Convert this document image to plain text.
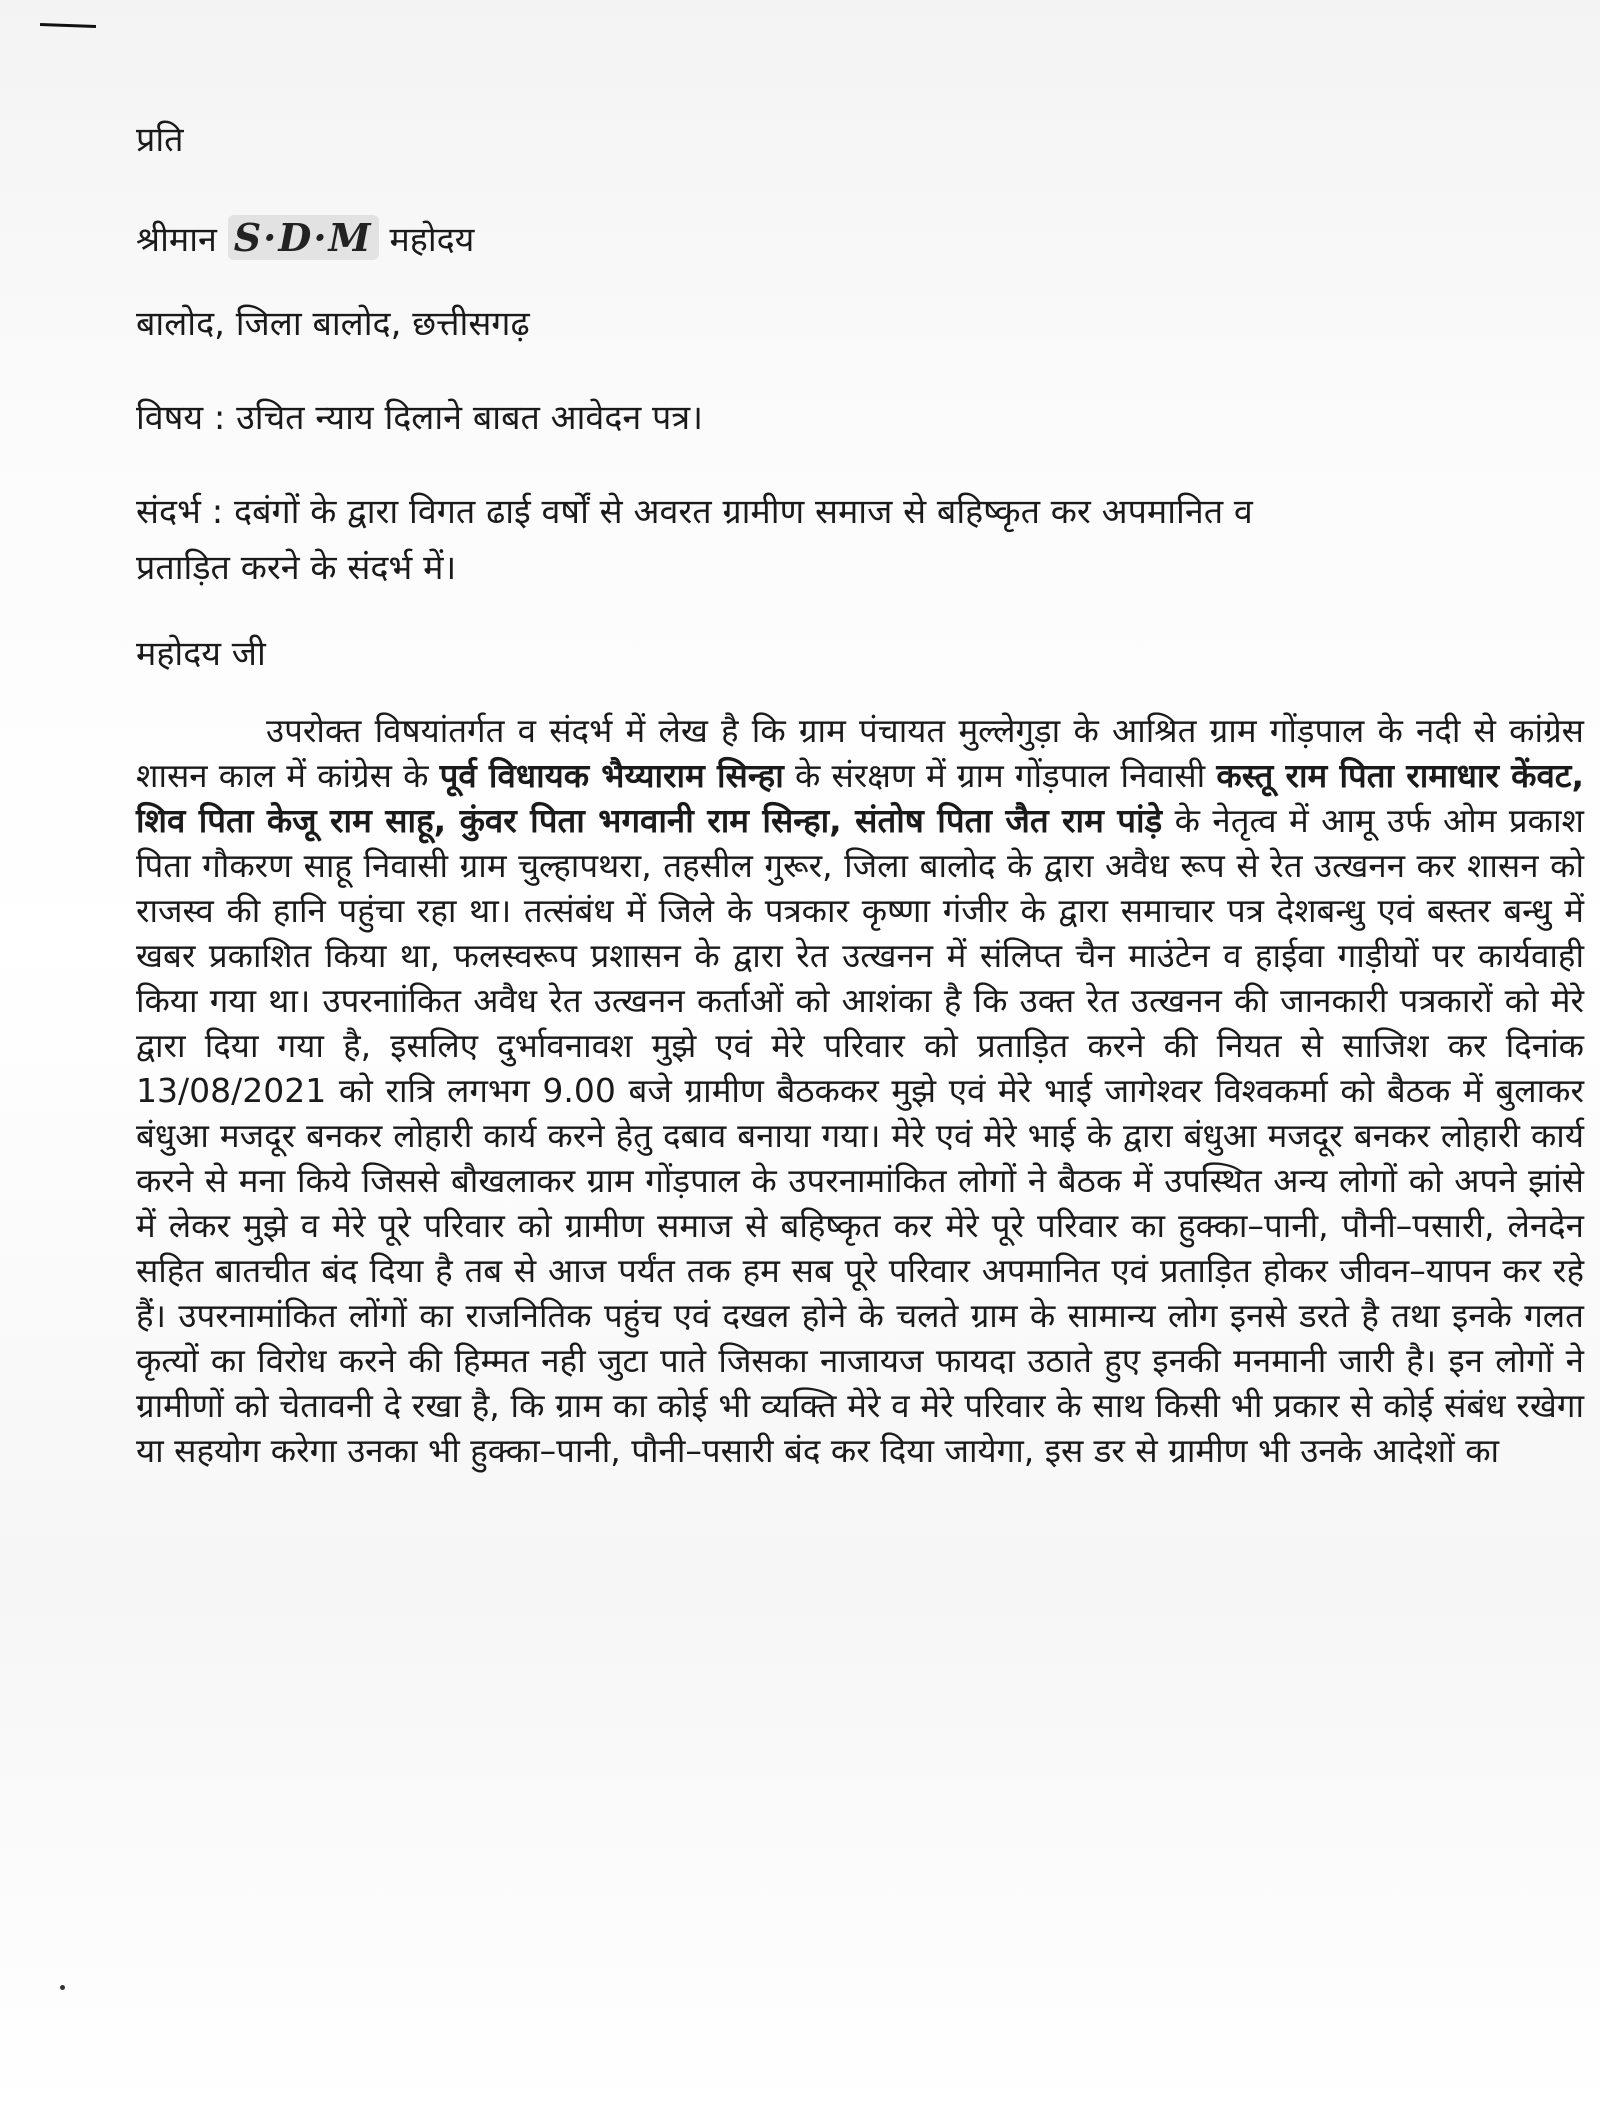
प्रति

श्रीमान S·D·M महोदय

बालोद, जिला बालोद, छत्तीसगढ़

विषय : उचित न्याय दिलाने बाबत आवेदन पत्र।

संदर्भ : दबंगों के द्वारा विगत ढाई वर्षों से अवरत ग्रामीण समाज से बहिष्कृत कर अपमानित व

प्रताड़ित करने के संदर्भ में।

महोदय जी

उपरोक्त विषयांतर्गत व संदर्भ में लेख है कि ग्राम पंचायत मुल्लेगुड़ा के आश्रित ग्राम गोंड़पाल के नदी से कांग्रेस शासन काल में कांग्रेस के पूर्व विधायक भैय्याराम सिन्हा के संरक्षण में ग्राम गोंड़पाल निवासी कस्तू राम पिता रामाधार केंवट, शिव पिता केजू राम साहू, कुंवर पिता भगवानी राम सिन्हा, संतोष पिता जैत राम पांड़े के नेतृत्व में आमू उर्फ ओम प्रकाश पिता गौकरण साहू निवासी ग्राम चुल्हापथरा, तहसील गुरूर, जिला बालोद के द्वारा अवैध रूप से रेत उत्खनन कर शासन को राजस्व की हानि पहुंचा रहा था। तत्संबंध में जिले के पत्रकार कृष्णा गंजीर के द्वारा समाचार पत्र देशबन्धु एवं बस्तर बन्धु में खबर प्रकाशित किया था, फलस्वरूप प्रशासन के द्वारा रेत उत्खनन में संलिप्त चैन माउंटेन व हाईवा गाड़ीयों पर कार्यवाही किया गया था। उपरनाांकित अवैध रेत उत्खनन कर्ताओं को आशंका है कि उक्त रेत उत्खनन की जानकारी पत्रकारों को मेरे द्वारा दिया गया है, इसलिए दुर्भावनावश मुझे एवं मेरे परिवार को प्रताड़ित करने की नियत से साजिश कर दिनांक 13/08/2021 को रात्रि लगभग 9.00 बजे ग्रामीण बैठककर मुझे एवं मेरे भाई जागेश्वर विश्वकर्मा को बैठक में बुलाकर बंधुआ मजदूर बनकर लोहारी कार्य करने हेतु दबाव बनाया गया। मेरे एवं मेरे भाई के द्वारा बंधुआ मजदूर बनकर लोहारी कार्य करने से मना किये जिससे बौखलाकर ग्राम गोंड़पाल के उपरनामांकित लोगों ने बैठक में उपस्थित अन्य लोगों को अपने झांसे में लेकर मुझे व मेरे पूरे परिवार को ग्रामीण समाज से बहिष्कृत कर मेरे पूरे परिवार का हुक्का–पानी, पौनी–पसारी, लेनदेन सहित बातचीत बंद दिया है तब से आज पर्यंत तक हम सब पूरे परिवार अपमानित एवं प्रताड़ित होकर जीवन–यापन कर रहे हैं। उपरनामांकित लोंगों का राजनितिक पहुंच एवं दखल होने के चलते ग्राम के सामान्य लोग इनसे डरते है तथा इनके गलत कृत्यों का विरोध करने की हिम्मत नही जुटा पाते जिसका नाजायज फायदा उठाते हुए इनकी मनमानी जारी है। इन लोगों ने ग्रामीणों को चेतावनी दे रखा है, कि ग्राम का कोई भी व्यक्ति मेरे व मेरे परिवार के साथ किसी भी प्रकार से कोई संबंध रखेगा या सहयोग करेगा उनका भी हुक्का–पानी, पौनी–पसारी बंद कर दिया जायेगा, इस डर से ग्रामीण भी उनके आदेशों का
